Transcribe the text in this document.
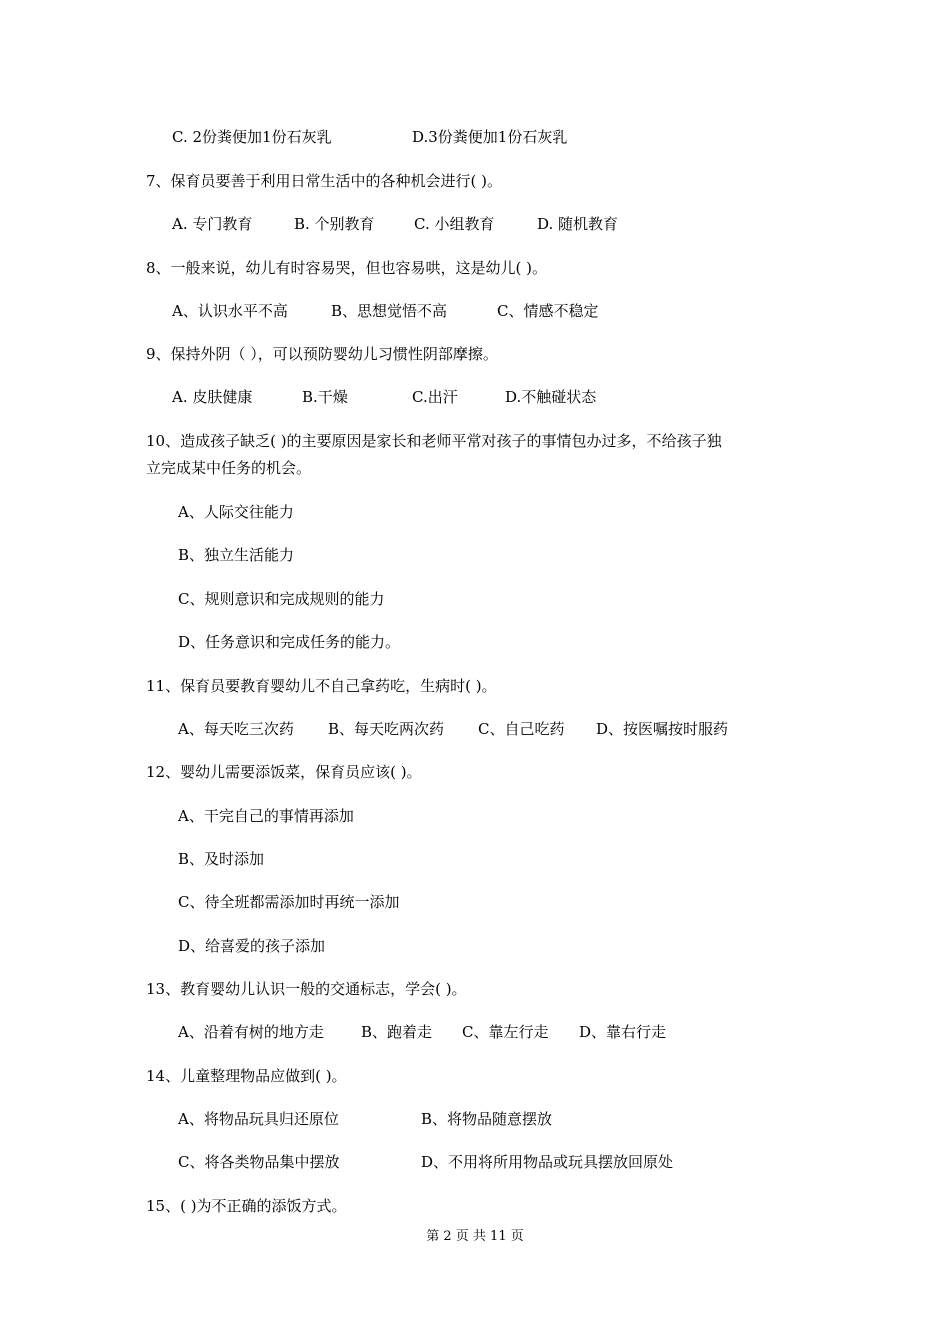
C. 2份粪便加1份石灰乳	D.3份粪便加1份石灰乳
7、保育员要善于利用日常生活中的各种机会进行( )。
A. 专门教育	B. 个别教育	C. 小组教育	D. 随机教育
8、一般来说，幼儿有时容易哭，但也容易哄，这是幼儿( )。
A、认识水平不高	B、思想觉悟不高	C、情感不稳定
9、保持外阴（ ），可以预防婴幼儿习惯性阴部摩擦。
A. 皮肤健康	B.干燥	C.出汗	D.不触碰状态
10、造成孩子缺乏( )的主要原因是家长和老师平常对孩子的事情包办过多，不给孩子独
立完成某中任务的机会。
A、人际交往能力
B、独立生活能力
C、规则意识和完成规则的能力
D、任务意识和完成任务的能力。
11、保育员要教育婴幼儿不自己拿药吃，生病时( )。
A、每天吃三次药 B、每天吃两次药 C、自己吃药 D、按医嘱按时服药
12、婴幼儿需要添饭菜，保育员应该( )。
A、干完自己的事情再添加
B、及时添加
C、待全班都需添加时再统一添加
D、给喜爱的孩子添加
13、教育婴幼儿认识一般的交通标志，学会( )。
A、沿着有树的地方走 B、跑着走 C、靠左行走 D、靠右行走
14、儿童整理物品应做到( )。
A、将物品玩具归还原位	B、将物品随意摆放
C、将各类物品集中摆放	D、不用将所用物品或玩具摆放回原处
15、( )为不正确的添饭方式。
第 2 页 共 11 页
